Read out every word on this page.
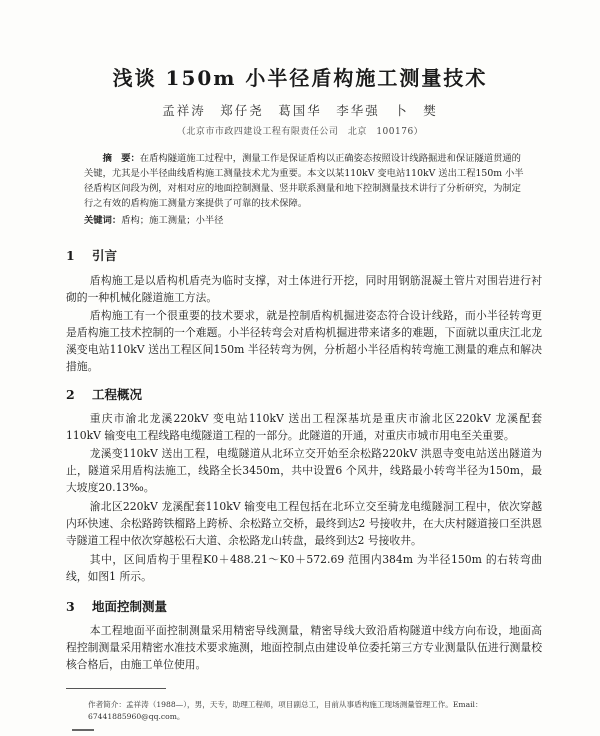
浅谈 150m 小半径盾构施工测量技术
孟祥涛　郑仔尧　葛国华　李华强　卜　樊
（北京市市政四建设工程有限责任公司　北京　100176）

摘　要：在盾构隧道施工过程中，测量工作是保证盾构以正确姿态按照设计线路掘进和保证隧道贯通的关键，尤其是小半径曲线盾构施工测量技术尤为重要。本文以某110kV 变电站110kV 送出工程150m 小半径盾构区间段为例，对相对应的地面控制测量、竖井联系测量和地下控制测量技术讲行了分析研究，为制定行之有效的盾构施工测量方案提供了可靠的技术保障。

关键词：盾构；施工测量；小半径

1 引言

盾构施工是以盾构机盾壳为临时支撑，对土体进行开挖，同时用钢筋混凝土管片对围岩进行衬砌的一种机械化隧道施工方法。

盾构施工有一个很重要的技术要求，就是控制盾构机掘进姿态符合设计线路，而小半径转弯更是盾构施工技术控制的一个难题。小半径转弯会对盾构机掘进带来诸多的难题，下面就以重庆江北龙溪变电站110kV 送出工程区间150m 半径转弯为例，分析超小半径盾构转弯施工测量的难点和解决措施。

2 工程概况

重庆市渝北龙溪220kV 变电站110kV 送出工程深基坑是重庆市渝北区220kV 龙溪配套110kV 输变电工程线路电缆隧道工程的一部分。此隧道的开通，对重庆市城市用电至关重要。

龙溪变110kV 送出工程，电缆隧道从北环立交开始至余松路220kV 洪恩寺变电站送出隧道为止，隧道采用盾构法施工，线路全长3450m，共中设置6 个风井，线路最小转弯半径为150m，最大坡度20.13‰。

渝北区220kV 龙溪配套110kV 输变电工程包括在北环立交至骑龙电缆隧洞工程中，依次穿越内环快速、余松路跨铁榴路上跨桥、余松路立交桥，最终到达2 号接收井，在大庆村隧道接口至洪恩寺隧道工程中依次穿越松石大道、余松路龙山转盘，最终到达2 号接收井。

其中，区间盾构于里程K0＋488.21～K0＋572.69 范围内384m 为半径150m 的右转弯曲线，如图1 所示。

3 地面控制测量

本工程地面平面控制测量采用精密导线测量，精密导线大致沿盾构隧道中线方向布设，地面高程控制测量采用精密水准技术要求施测，地面控制点由建设单位委托第三方专业测量队伍进行测量校核合格后，由施工单位使用。

作者简介：孟祥涛（1988—），男，天专，助理工程师，项目副总工，目前从事盾构施工现场测量管理工作。Email：67441885960@qq.com。
